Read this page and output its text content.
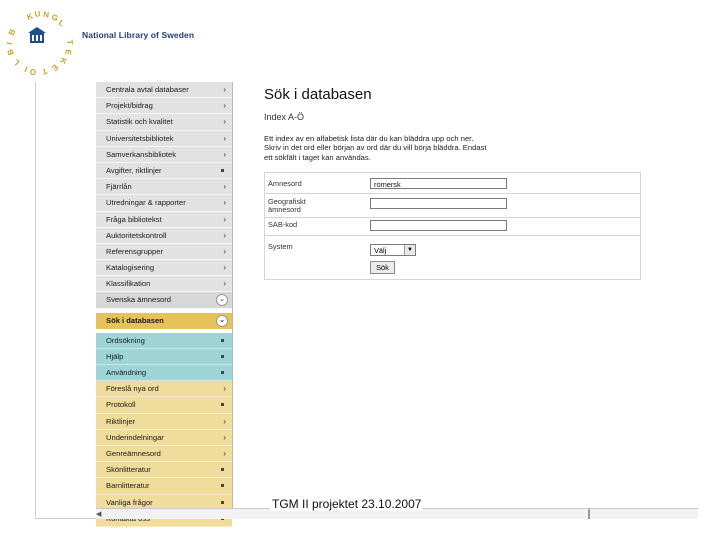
K U N G
L
B
I
B
L
I O T E
K
E
T
National Library of Sweden
Centrala avtal databaser	›
Projekt/bidrag	›
Statistik och kvalitet	›
Universitetsbibliotek	›
Samverkansbibliotek	›
Avgifter, riktlinjer
Fjärrlån	›
Utredningar & rapporter	›
Fråga bibliotekst	›
Auktoritetskontroll	›
Referensgrupper	›
Katalogisering	›
Klassifikation	›
Svenska ämnesord	⌄
Sök i databasen	⌄
Ordsökning
Hjälp
Användning
Föreslå nya ord	›
Protokoll
Riktlinjer	›
Underindelningar	›
Genreämnesord	›
Skönlitteratur
Barnlitteratur
Vanliga frågor
Sök i databasen
Index A-Ö
Ett index av en alfabetisk lista där du kan bläddra upp och ner.
Skriv in det ord eller början av ord där du vill börja bläddra. Endast
ett sökfält i taget kan användas.
Ämnesord	romersk
Geografiskt ämnesord
SAB-kod
System	Välj	▼
Sök
◀
TGM II projektet 23.10.2007
